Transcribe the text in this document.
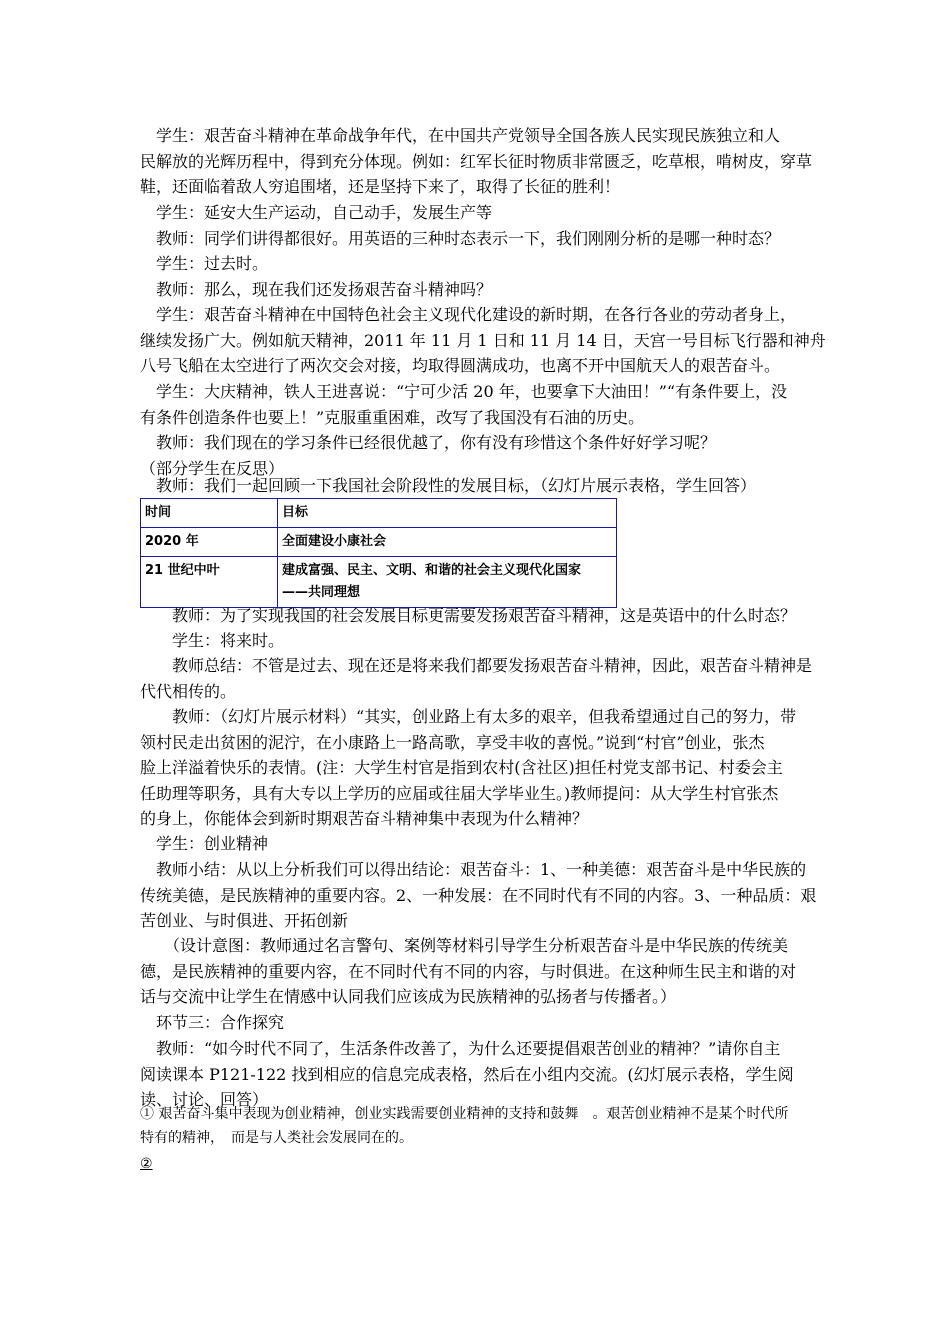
　学生：艰苦奋斗精神在革命战争年代，在中国共产党领导全国各族人民实现民族独立和人
民解放的光辉历程中，得到充分体现。例如：红军长征时物质非常匮乏，吃草根，啃树皮，穿草
鞋，还面临着敌人穷追围堵，还是坚持下来了，取得了长征的胜利！
　学生：延安大生产运动，自己动手，发展生产等
　教师：同学们讲得都很好。用英语的三种时态表示一下，我们刚刚分析的是哪一种时态？
　学生：过去时。
　教师：那么，现在我们还发扬艰苦奋斗精神吗？
　学生：艰苦奋斗精神在中国特色社会主义现代化建设的新时期，在各行各业的劳动者身上，
继续发扬广大。例如航天精神，2011 年 11 月 1 日和 11 月 14 日，天宫一号目标飞行器和神舟
八号飞船在太空进行了两次交会对接，均取得圆满成功，也离不开中国航天人的艰苦奋斗。
　学生：大庆精神，铁人王进喜说：“宁可少活 20 年，也要拿下大油田！”“有条件要上，没
有条件创造条件也要上！”克服重重困难，改写了我国没有石油的历史。
　教师：我们现在的学习条件已经很优越了，你有没有珍惜这个条件好好学习呢？
（部分学生在反思）
　教师：我们一起回顾一下我国社会阶段性的发展目标，（幻灯片展示表格，学生回答）
时间	目标
2020 年	全面建设小康社会
21 世纪中叶	建成富强、民主、文明、和谐的社会主义现代化国家
——共同理想
　　教师：为了实现我国的社会发展目标更需要发扬艰苦奋斗精神，这是英语中的什么时态？
　　学生：将来时。
　　教师总结：不管是过去、现在还是将来我们都要发扬艰苦奋斗精神，因此，艰苦奋斗精神是
代代相传的。
　　教师：（幻灯片展示材料）“其实，创业路上有太多的艰辛，但我希望通过自己的努力，带
领村民走出贫困的泥泞，在小康路上一路高歌，享受丰收的喜悦。”说到“村官”创业，张杰
脸上洋溢着快乐的表情。(注：大学生村官是指到农村(含社区)担任村党支部书记、村委会主
任助理等职务，具有大专以上学历的应届或往届大学毕业生。)教师提问：从大学生村官张杰
的身上，你能体会到新时期艰苦奋斗精神集中表现为什么精神？
　学生：创业精神
　教师小结：从以上分析我们可以得出结论：艰苦奋斗：1、一种美德：艰苦奋斗是中华民族的
传统美德，是民族精神的重要内容。2、一种发展：在不同时代有不同的内容。3、一种品质：艰
苦创业、与时俱进、开拓创新
　　（设计意图：教师通过名言警句、案例等材料引导学生分析艰苦奋斗是中华民族的传统美
德，是民族精神的重要内容，在不同时代有不同的内容，与时俱进。在这种师生民主和谐的对
话与交流中让学生在情感中认同我们应该成为民族精神的弘扬者与传播者。）
　环节三：合作探究
　教师：“如今时代不同了，生活条件改善了，为什么还要提倡艰苦创业的精神？”请你自主
阅读课本 P121-122 找到相应的信息完成表格，然后在小组内交流。(幻灯展示表格，学生阅
读、讨论、回答）
① 艰苦奋斗集中表现为创业精神，创业实践需要创业精神的支持和鼓舞　。艰苦创业精神不是某个时代所
特有的精神，　而是与人类社会发展同在的。
②
